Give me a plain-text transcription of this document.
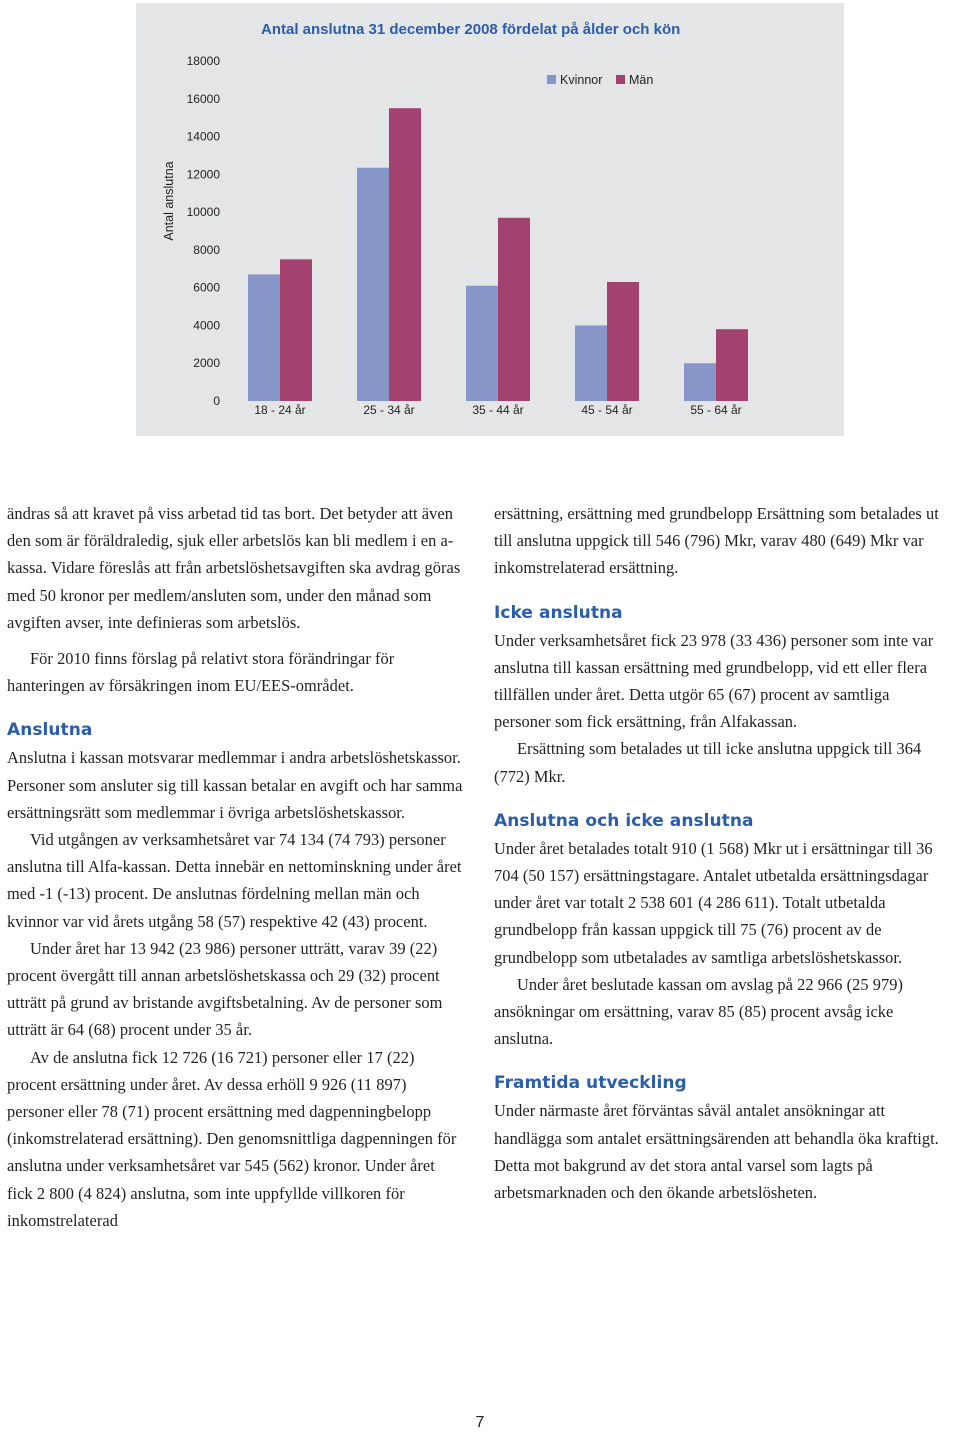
Antal anslutna 31 december 2008 fördelat på ålder och kön
Antal anslutna
0
2000
4000
6000
8000
10000
12000
14000
16000
18000
18 - 24 år	25 - 34 år	35 - 44 år	45 - 54 år	55 - 64 år
Kvinnor Män

ändras så att kravet på viss arbetad tid tas bort. Det betyder att även den som är föräldraledig, sjuk eller arbetslös kan bli medlem i en a-kassa. Vidare föreslås att från arbetslöshetsavgiften ska avdrag göras med 50 kronor per medlem/ansluten som, under den månad som avgiften avser, inte definieras som arbetslös.

För 2010 finns förslag på relativt stora förändringar för hanteringen av försäkringen inom EU/EES-området.

Anslutna

Anslutna i kassan motsvarar medlemmar i andra arbetslöshetskassor. Personer som ansluter sig till kassan betalar en avgift och har samma ersättningsrätt som medlemmar i övriga arbetslöshetskassor.

Vid utgången av verksamhetsåret var 74 134 (74 793) personer anslutna till Alfa-kassan. Detta innebär en nettominskning under året med -1 (-13) procent. De anslutnas fördelning mellan män och kvinnor var vid årets utgång 58 (57) respektive 42 (43) procent.

Under året har 13 942 (23 986) personer utträtt, varav 39 (22) procent övergått till annan arbetslöshetskassa och 29 (32) procent utträtt på grund av bristande avgiftsbetalning. Av de personer som utträtt är 64 (68) procent under 35 år.

Av de anslutna fick 12 726 (16 721) personer eller 17 (22) procent ersättning under året. Av dessa erhöll 9 926 (11 897) personer eller 78 (71) procent ersättning med dagpenningbelopp (inkomstrelaterad ersättning). Den genomsnittliga dagpenningen för anslutna under verksamhetsåret var 545 (562) kronor. Under året fick 2 800 (4 824) anslutna, som inte uppfyllde villkoren för inkomstrelaterad

ersättning, ersättning med grundbelopp Ersättning som betalades ut till anslutna uppgick till 546 (796) Mkr, varav 480 (649) Mkr var inkomstrelaterad ersättning.

Icke anslutna

Under verksamhetsåret fick 23 978 (33 436) personer som inte var anslutna till kassan ersättning med grundbelopp, vid ett eller flera tillfällen under året. Detta utgör 65 (67) procent av samtliga personer som fick ersättning, från Alfakassan.

Ersättning som betalades ut till icke anslutna uppgick till 364 (772) Mkr.

Anslutna och icke anslutna

Under året betalades totalt 910 (1 568) Mkr ut i ersättningar till 36 704 (50 157) ersättningstagare. Antalet utbetalda ersättningsdagar under året var totalt 2 538 601 (4 286 611). Totalt utbetalda grundbelopp från kassan uppgick till 75 (76) procent av de grundbelopp som utbetalades av samtliga arbetslöshetskassor.

Under året beslutade kassan om avslag på 22 966 (25 979) ansökningar om ersättning, varav 85 (85) procent avsåg icke anslutna.

Framtida utveckling

Under närmaste året förväntas såväl antalet ansökningar att handlägga som antalet ersättningsärenden att behandla öka kraftigt. Detta mot bakgrund av det stora antal varsel som lagts på arbetsmarknaden och den ökande arbetslösheten.

7
